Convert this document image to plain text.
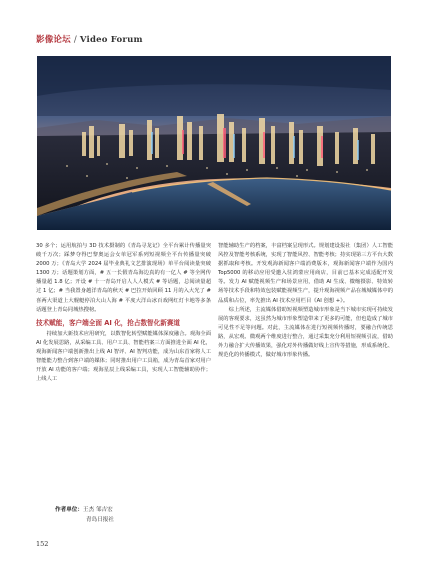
影像论坛 / Video Forum

30 多个；运用航拍与 3D 技术摄制的《青岛寻龙记》全平台累计传播量突破千万次；踩梦夺得巴黎奥运会女单冠军系列短视频全平台传播量突破 2000 万；《青岛大学 2024 届毕业典礼文艺排演现场》单平台阅读量突破 1300 万；话题策划方面，# 五一长假青岛海边真的有一亿人 # 等全网传播量超 1.8 亿；开设 # 十一青岛开启人人人模式 # 等话题，总阅读量超过 1 亿；# 当我置身越洋青岛的秋天 # 巴拉开始回顾 11 月的入大光了 # 喜两大渠道上大舰艇停泊大山人海 # 平度大洋山冰百戏网红灯卡地等多条话题登上青岛同城热搜榜。

技术赋能，客户端全面 AI 化，抢占数智化新赛道

持续加大新技术应用研究，以数智化转型赋能媒体深度融合。观海全面 AI 化发展思路，从采编工具、用户工具、智能档案三方面推进全面 AI 化，观海新闻客户端创新推出上线 AI 智评、AI 智判功能，成为山东首家将人工智能能力整合到客户端的媒体；同时推出用户工具箱，成为青岛首家对用户开放 AI 功能的客户端；观海星辰上线采编工具，实现人工智能辅助协作；上线人工

智能辅助生产的档案，丰富档案呈现形式。规划建设报社（集团）人工智能风控及智能考核系统，实现了智能风控、智能考核；持实现第三方平台大数据抓取和考核。开发观海新闻客户端消费版本，观海新闻客户端作为国内 Top5000 的移动应用受邀入驻鸿蒙应用商店，目前已基本完成适配开发等。发力 AI 赋能视频生产和场景应用，借助 AI 生成、微缩摄影、特效转场等技术手段和特效包装赋能视频生产，提升观海视频产品在城城媒体中的品质和占位，率先推出 AI 技术应用栏目《AI 创想 +》。

综上所述，主流媒体借助短视频塑造城市形象是当下城市实现可持续发展的客观要求，这虽然为城市形象塑造带来了更多的可能，但也造成了城市可见性不足等问题。对此，主流媒体在进行短视频传播时，要融合传统思路，从宏观、微观两个维度进行整合，通过采集充分利用短视频引流，借助外力融合扩大传播效果，强化对外传播做好线上宣传等措施，形成系统化、规范化的传播模式，做好城市形象传播。

作者单位：王杰 邹吉宏
青岛日报社
152
